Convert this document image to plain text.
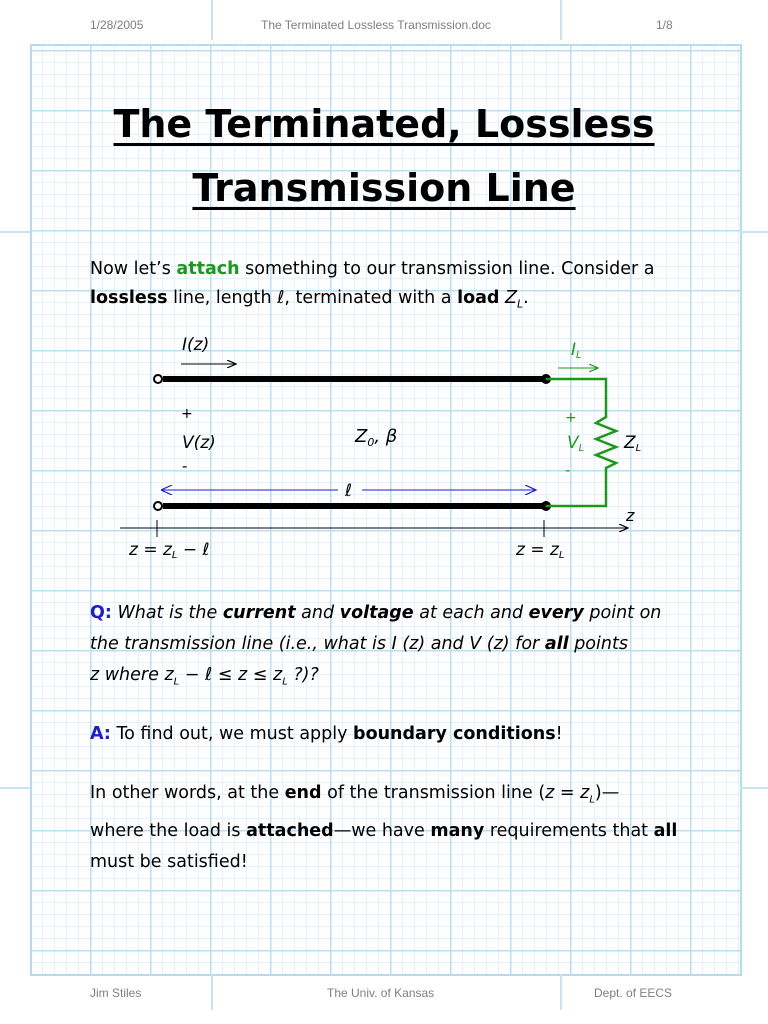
1/28/2005	The Terminated Lossless Transmission.doc	1/8
The Terminated, Lossless
Transmission Line
Now let’s attach something to our transmission line. Consider a
lossless line, length ℓ, terminated with a load $Z_L$.
I(z)	IL
ZL
+
V(z)
-
$Z_0$, β
+
VL
-
ℓ
z
z = zL − ℓ	z = zL
Q: What is the current and voltage at each and every point on
the transmission line (i.e., what is I (z) and V (z) for all points
z where $z_L$ − ℓ ≤ $z \le z_L$ ?)?
A: To find out, we must apply boundary conditions!
In other words, at the end of the transmission line $(z = z_L)—$
where the load is attached—we have many requirements that all
must be satisfied!
Jim Stiles	The Univ. of Kansas	Dept. of EECS
